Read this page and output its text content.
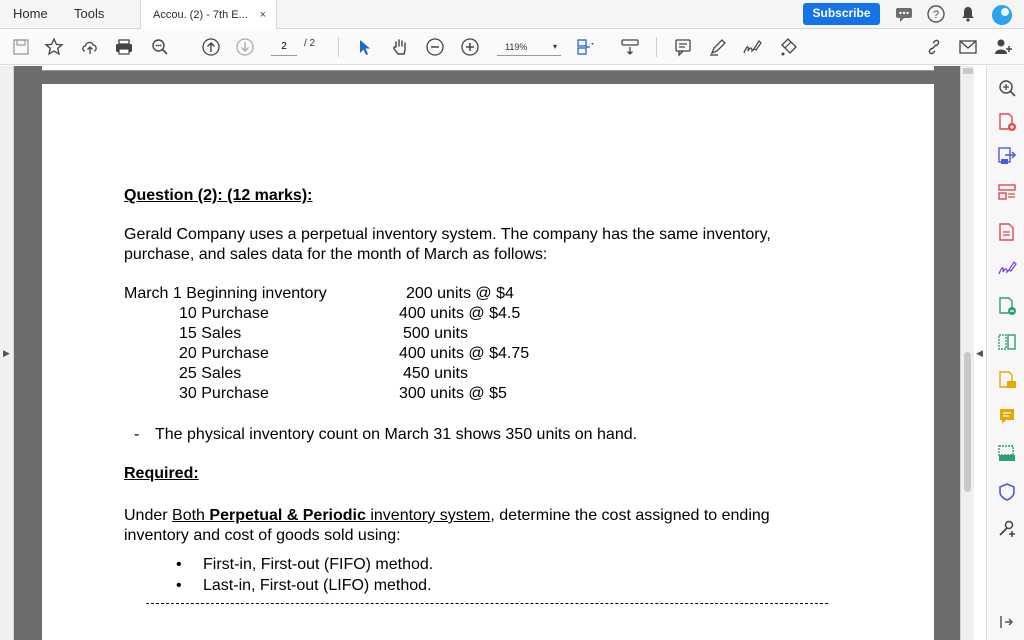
Home Tools	Accou. (2) - 7th E... ×	Subscribe	?
2	/ 2	119%	▾
▶
Question (2): (12 marks):
Gerald Company uses a perpetual inventory system. The company has the same inventory,
purchase, and sales data for the month of March as follows:
March 1 Beginning inventory	200 units @ $4
10 Purchase	400 units @ $4.5
15 Sales	500 units
20 Purchase	400 units @ $4.75
25 Sales	450 units
30 Purchase	300 units @ $5
- The physical inventory count on March 31 shows 350 units on hand.
Required:
Under Both Perpetual & Periodic inventory system, determine the cost assigned to ending
inventory and cost of goods sold using:
• First-in, First-out (FIFO) method.
• Last-in, First-out (LIFO) method.
◀
